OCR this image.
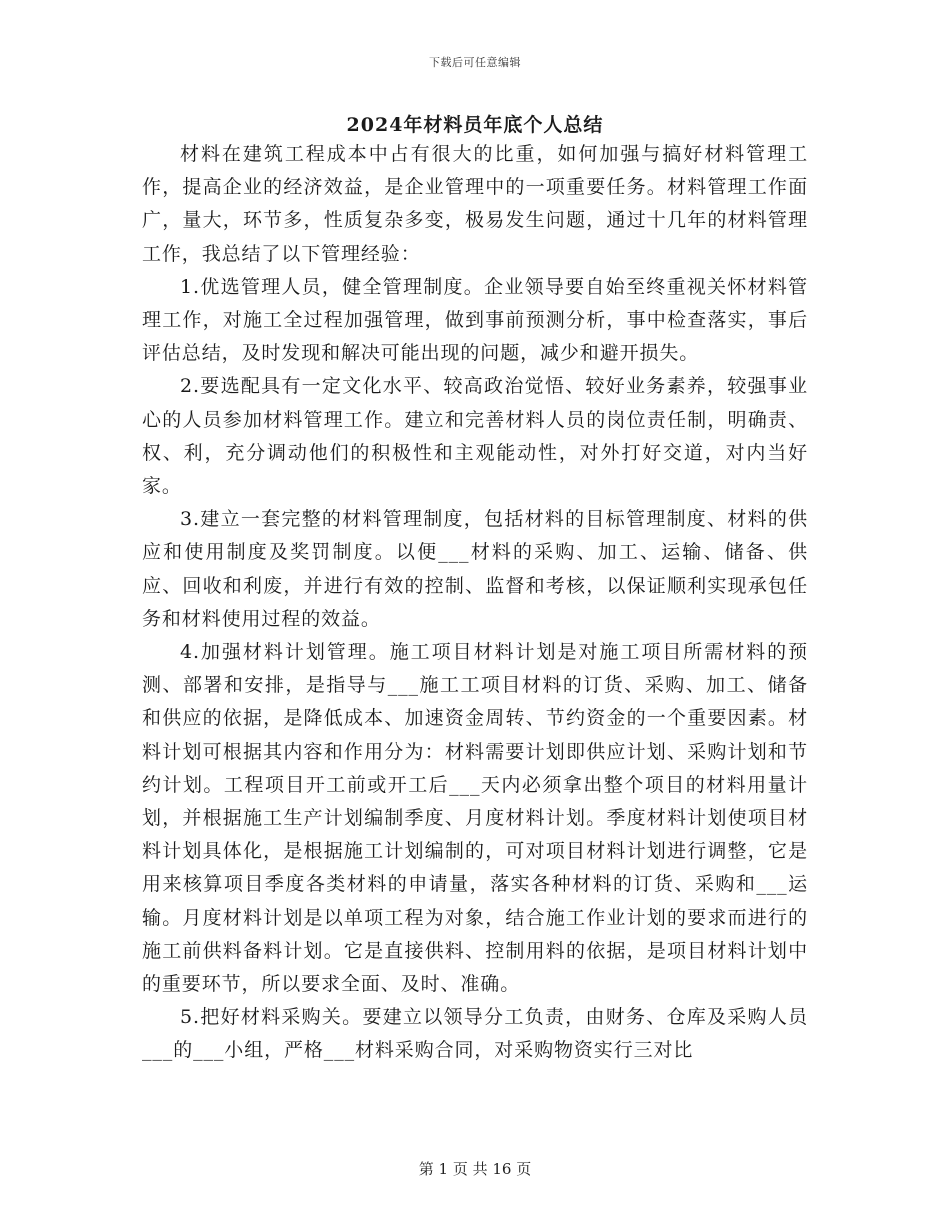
下载后可任意编辑
2024年材料员年底个人总结

材料在建筑工程成本中占有很大的比重，如何加强与搞好材料管理工作，提高企业的经济效益，是企业管理中的一项重要任务。材料管理工作面广，量大，环节多，性质复杂多变，极易发生问题，通过十几年的材料管理工作，我总结了以下管理经验：

1.优选管理人员，健全管理制度。企业领导要自始至终重视关怀材料管理工作，对施工全过程加强管理，做到事前预测分析，事中检查落实，事后评估总结，及时发现和解决可能出现的问题，减少和避开损失。

2.要选配具有一定文化水平、较高政治觉悟、较好业务素养，较强事业心的人员参加材料管理工作。建立和完善材料人员的岗位责任制，明确责、权、利，充分调动他们的积极性和主观能动性，对外打好交道，对内当好家。

3.建立一套完整的材料管理制度，包括材料的目标管理制度、材料的供应和使用制度及奖罚制度。以便___材料的采购、加工、运输、储备、供应、回收和利废，并进行有效的控制、监督和考核，以保证顺利实现承包任务和材料使用过程的效益。

4.加强材料计划管理。施工项目材料计划是对施工项目所需材料的预测、部署和安排，是指导与___施工工项目材料的订货、采购、加工、储备和供应的依据，是降低成本、加速资金周转、节约资金的一个重要因素。材料计划可根据其内容和作用分为：材料需要计划即供应计划、采购计划和节约计划。工程项目开工前或开工后___天内必须拿出整个项目的材料用量计划，并根据施工生产计划编制季度、月度材料计划。季度材料计划使项目材料计划具体化，是根据施工计划编制的，可对项目材料计划进行调整，它是用来核算项目季度各类材料的申请量，落实各种材料的订货、采购和___运输。月度材料计划是以单项工程为对象，结合施工作业计划的要求而进行的施工前供料备料计划。它是直接供料、控制用料的依据，是项目材料计划中的重要环节，所以要求全面、及时、准确。

5.把好材料采购关。要建立以领导分工负责，由财务、仓库及采购人员___的___小组，严格___材料采购合同，对采购物资实行三对比

第 1 页 共 16 页
